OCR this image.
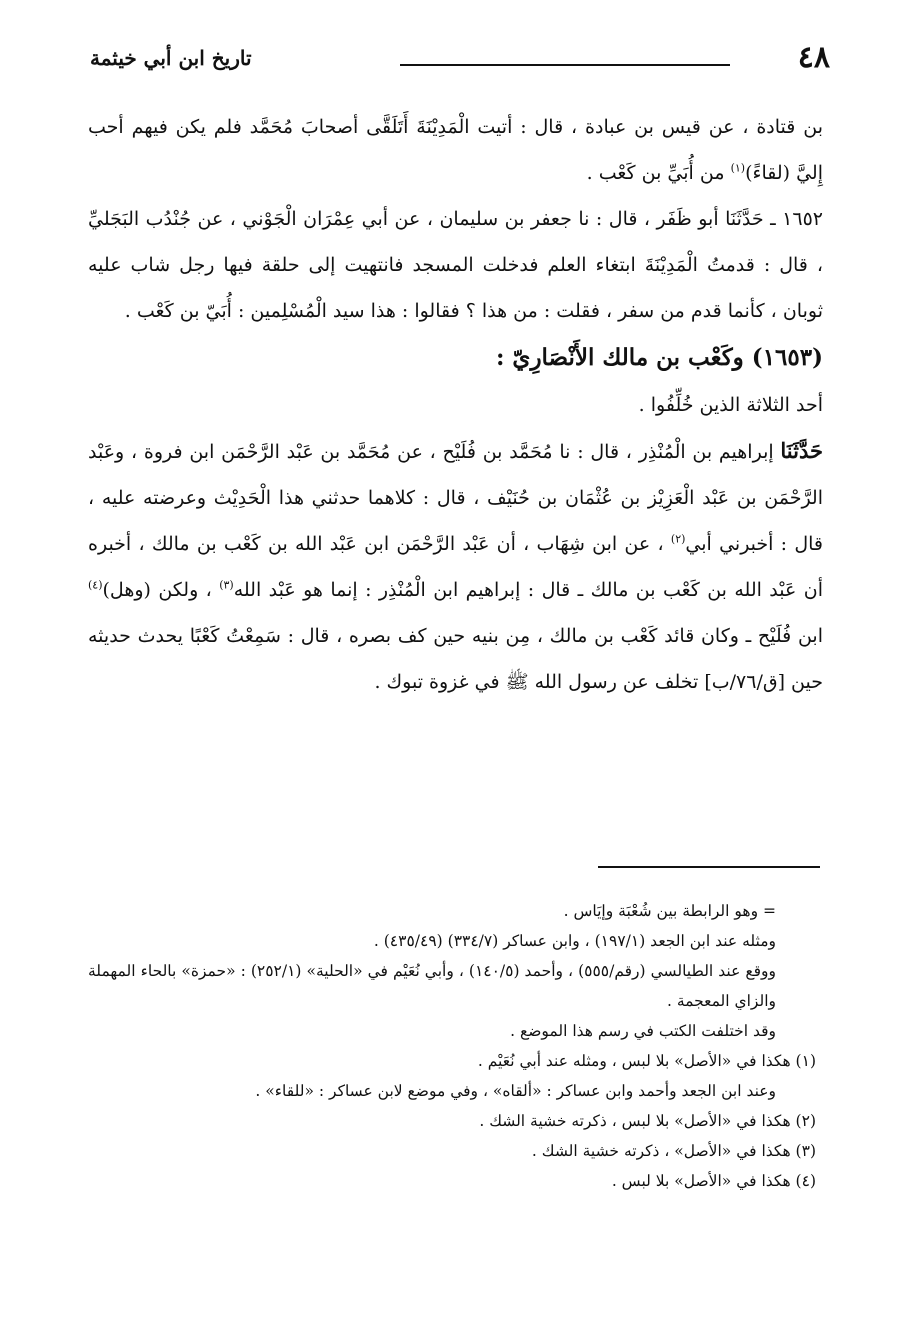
٤٨
تاريخ ابن أبي خيثمة

بن قتادة ، عن قيس بن عبادة ، قال : أتيت الْمَدِيْنَةَ أَتَلَقَّى أصحابَ مُحَمَّد فلم يكن فيهم أحب إِليَّ (لقاءً)$^{(١)}$ من أُبَيِّ بن كَعْب .

١٦٥٢ ـ حَدَّثَنَا أبو ظَفَر ، قال : نا جعفر بن سليمان ، عن أبي عِمْرَان الْجَوْني ، عن جُنْدُب البَجَليِّ ، قال : قدمتُ الْمَدِيْنَةَ ابتغاء العلم فدخلت المسجد فانتهيت إلى حلقة فيها رجل شاب عليه ثوبان ، كأنما قدم من سفر ، فقلت : من هذا ؟ فقالوا : هذا سيد الْمُسْلِمين : أُبَيّ بن كَعْب .

(١٦٥٣) وكَعْب بن مالك الأَنْصَارِيّ :

أحد الثلاثة الذين خُلِّفُوا .

حَدَّثَنَا إبراهيم بن الْمُنْذِر ، قال : نا مُحَمَّد بن فُلَيْح ، عن مُحَمَّد بن عَبْد الرَّحْمَن ابن فروة ، وعَبْد الرَّحْمَن بن عَبْد الْعَزِيْز بن عُثْمَان بن حُنَيْف ، قال : كلاهما حدثني هذا الْحَدِيْث وعرضته عليه ، قال : أخبرني أبي$^{(٢)}$ ، عن ابن شِهَاب ، أن عَبْد الرَّحْمَن ابن عَبْد الله بن كَعْب بن مالك ، أخبره أن عَبْد الله بن كَعْب بن مالك ـ قال : إبراهيم ابن الْمُنْذِر : إنما هو عَبْد الله$^{(٣)}$ ، ولكن (وهل)$^{(٤)}$ ابن فُلَيْح ـ وكان قائد كَعْب بن مالك ، مِن بنيه حين كف بصره ، قال : سَمِعْتُ كَعْبًا يحدث حديثه حين [ق/٧٦/ب] تخلف عن رسول الله ﷺ في غزوة تبوك .

= وهو الرابطة بين شُعْبَة وإيَاس .

ومثله عند ابن الجعد (١٩٧/١) ، وابن عساكر (٣٣٤/٧) (٤٣٥/٤٩) .

ووقع عند الطيالسي (رقم/٥٥٥) ، وأحمد (١٤٠/٥) ، وأبي نُعَيْم في «الحلية» (٢٥٢/١) : «حمزة» بالحاء المهملة والزاي المعجمة .

وقد اختلفت الكتب في رسم هذا الموضع .

(١) هكذا في «الأصل» بلا لبس ، ومثله عند أبي نُعَيْم .

وعند ابن الجعد وأحمد وابن عساكر : «ألقاه» ، وفي موضع لابن عساكر : «للقاء» .

(٢) هكذا في «الأصل» بلا لبس ، ذكرته خشية الشك .

(٣) هكذا في «الأصل» ، ذكرته خشية الشك .

(٤) هكذا في «الأصل» بلا لبس .
